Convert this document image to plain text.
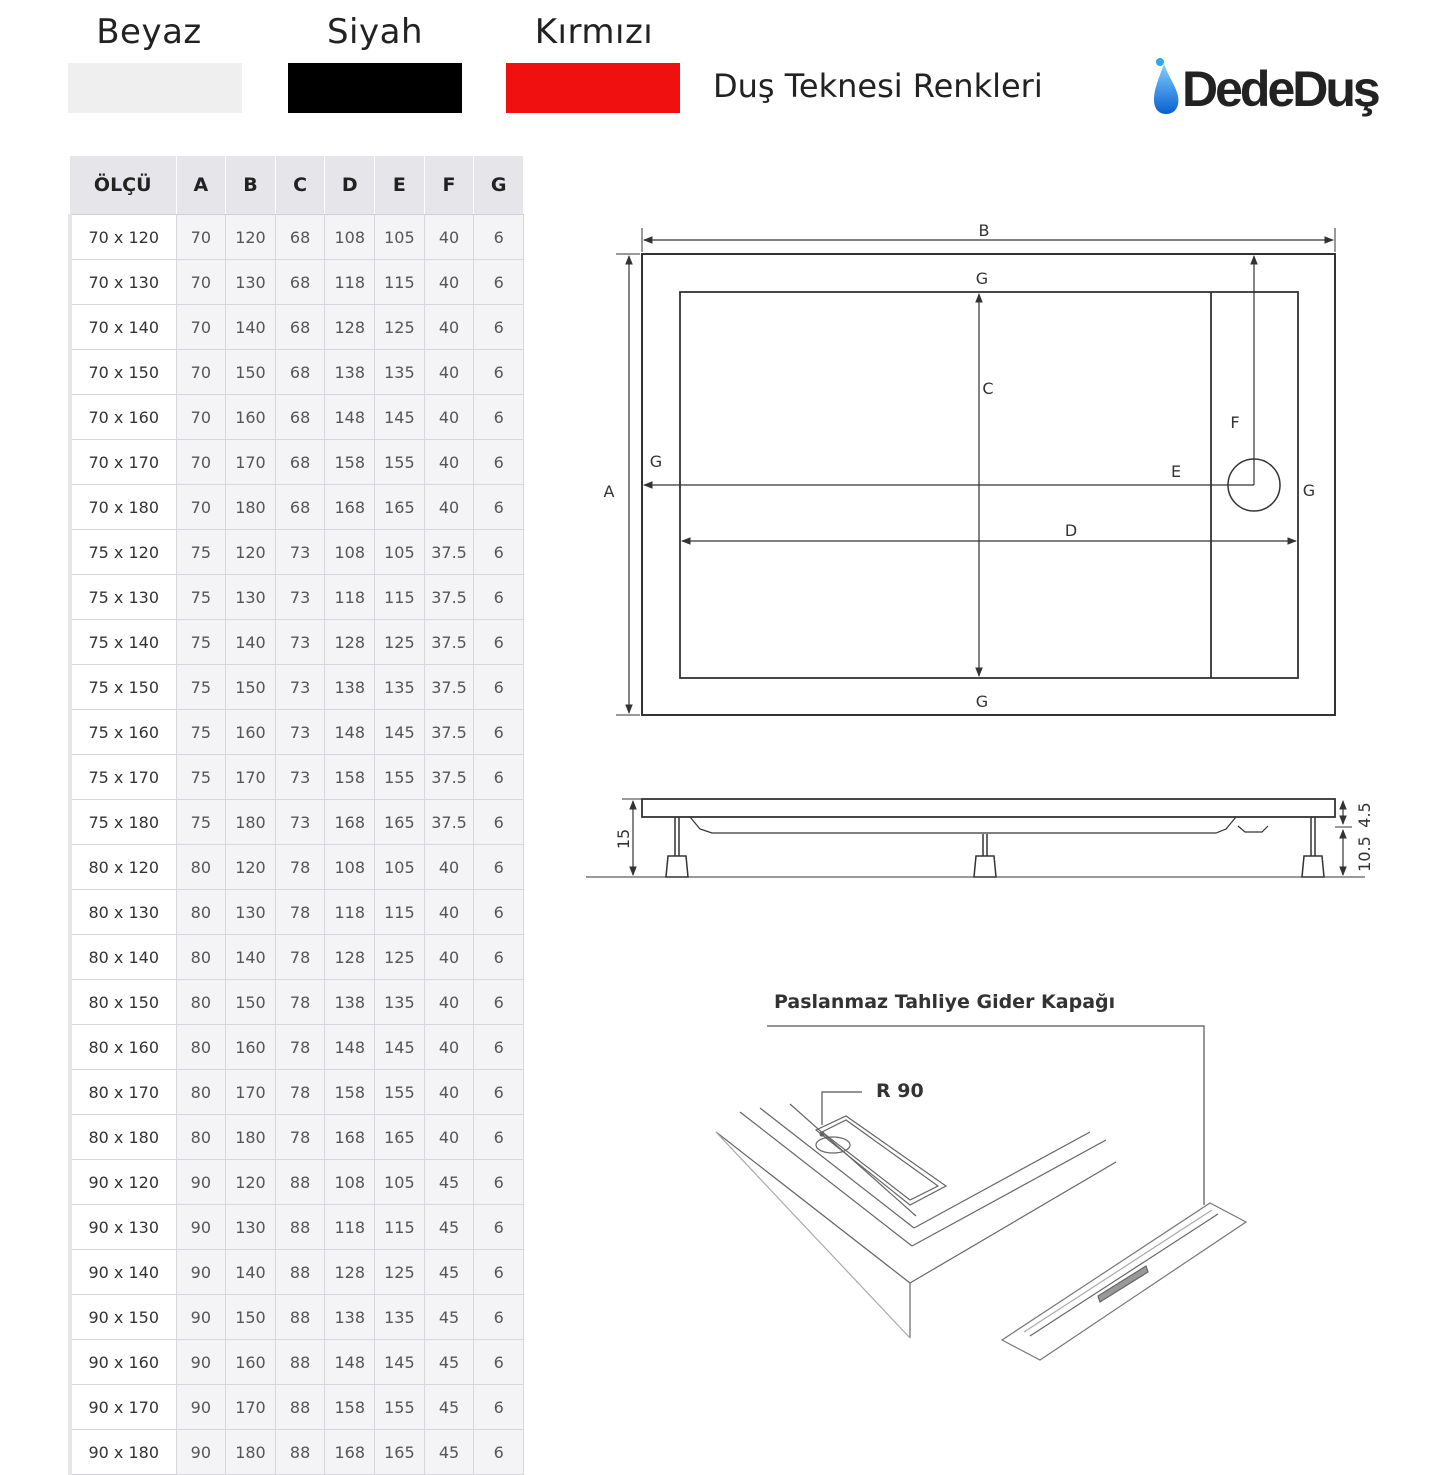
Beyaz	Siyah	Kırmızı
Duş Teknesi Renkleri	DedeDuş
ÖLÇÜ	A	B	C	D	E	F	G
70 x 120	70	120	68	108	105	40	6
70 x 130	70	130	68	118	115	40	6
70 x 140	70	140	68	128	125	40	6
70 x 150	70	150	68	138	135	40	6
70 x 160	70	160	68	148	145	40	6
70 x 170	70	170	68	158	155	40	6
70 x 180	70	180	68	168	165	40	6
75 x 120	75	120	73	108	105	37.5	6
75 x 130	75	130	73	118	115	37.5	6
75 x 140	75	140	73	128	125	37.5	6
75 x 150	75	150	73	138	135	37.5	6
75 x 160	75	160	73	148	145	37.5	6
75 x 170	75	170	73	158	155	37.5	6
75 x 180	75	180	73	168	165	37.5	6
80 x 120	80	120	78	108	105	40	6
80 x 130	80	130	78	118	115	40	6
80 x 140	80	140	78	128	125	40	6
80 x 150	80	150	78	138	135	40	6
80 x 160	80	160	78	148	145	40	6
80 x 170	80	170	78	158	155	40	6
80 x 180	80	180	78	168	165	40	6
90 x 120	90	120	88	108	105	45	6
90 x 130	90	130	88	118	115	45	6
90 x 140	90	140	88	128	125	45	6
90 x 150	90	150	88	138	135	45	6
90 x 160	90	160	88	148	145	45	6
90 x 170	90	170	88	158	155	45	6
90 x 180	90	180	88	168	165	45	6
B
A
C
D
E
F
G
G
G
G
15
4.5
10.5
Paslanmaz Tahliye Gider Kapağı
R 90
